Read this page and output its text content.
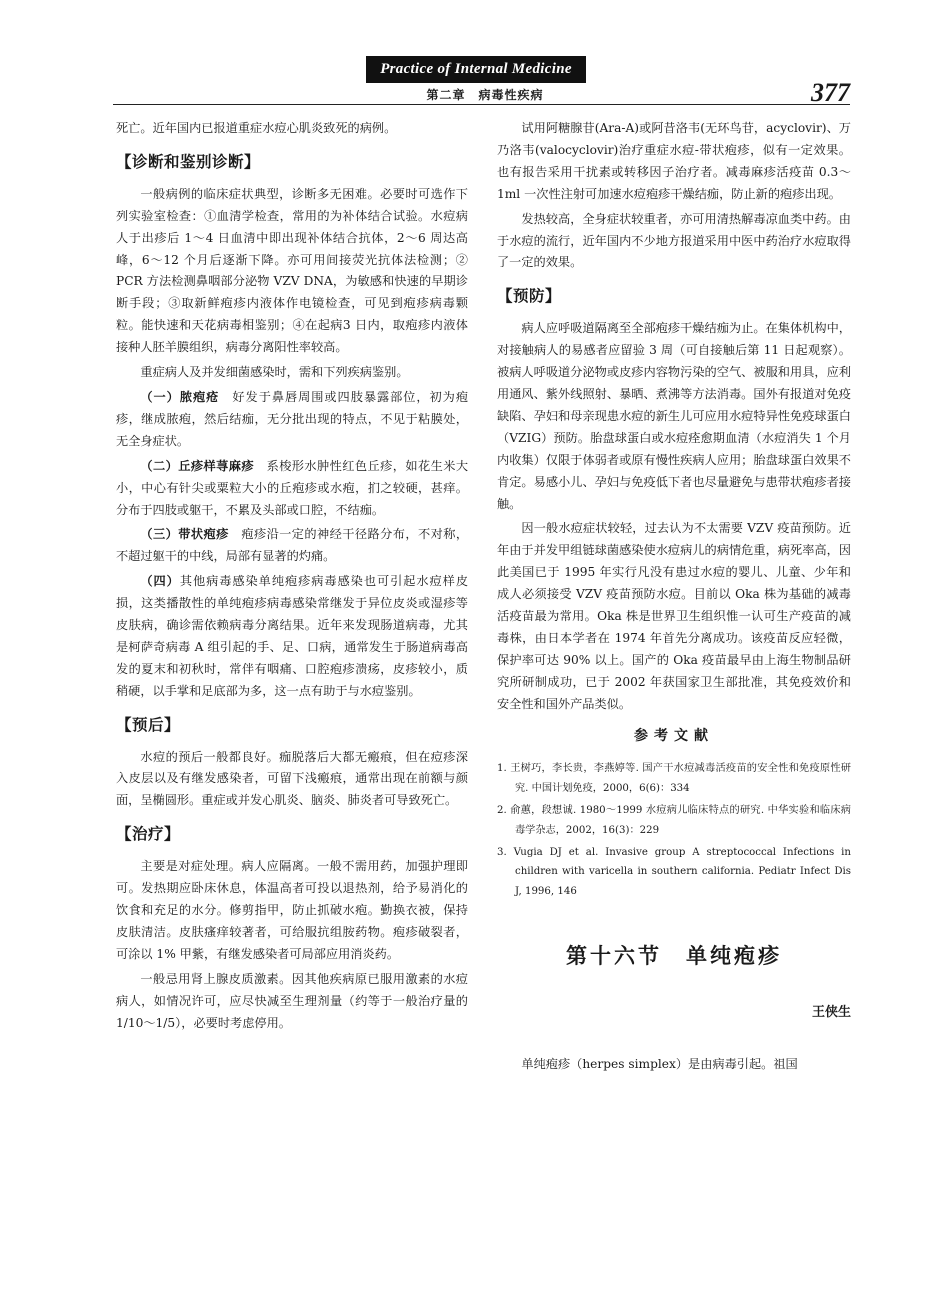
Practice of Internal Medicine
第二章　病毒性疾病	377

死亡。近年国内已报道重症水痘心肌炎致死的病例。

【诊断和鉴别诊断】

一般病例的临床症状典型，诊断多无困难。必要时可选作下列实验室检查：①血清学检查，常用的为补体结合试验。水痘病人于出疹后 1～4 日血清中即出现补体结合抗体，2～6 周达高峰，6～12 个月后逐渐下降。亦可用间接荧光抗体法检测；② PCR 方法检测鼻咽部分泌物 VZV DNA，为敏感和快速的早期诊断手段；③取新鲜疱疹内液体作电镜检查，可见到疱疹病毒颗粒。能快速和天花病毒相鉴别；④在起病3 日内，取疱疹内液体接种人胚羊膜组织，病毒分离阳性率较高。

重症病人及并发细菌感染时，需和下列疾病鉴别。

（一）脓疱疮　 好发于鼻唇周围或四肢暴露部位，初为疱疹，继成脓疱，然后结痂，无分批出现的特点，不见于粘膜处，无全身症状。

（二）丘疹样荨麻疹　 系梭形水肿性红色丘疹，如花生米大小，中心有针尖或粟粒大小的丘疱疹或水疱，扪之较硬，甚痒。分布于四肢或躯干，不累及头部或口腔，不结痂。

（三）带状疱疹　 疱疹沿一定的神经干径路分布，不对称，不超过躯干的中线，局部有显著的灼痛。

（四）其他病毒感染单纯疱疹病毒感染也可引起水痘样皮损，这类播散性的单纯疱疹病毒感染常继发于异位皮炎或湿疹等皮肤病，确诊需依赖病毒分离结果。近年来发现肠道病毒，尤其是柯萨奇病毒 A 组引起的手、足、口病，通常发生于肠道病毒高发的夏末和初秋时，常伴有咽痛、口腔疱疹溃疡，皮疹较小，质稍硬，以手掌和足底部为多，这一点有助于与水痘鉴别。

【预后】

水痘的预后一般都良好。痂脱落后大都无瘢痕，但在痘疹深入皮层以及有继发感染者，可留下浅瘢痕，通常出现在前额与颜面，呈椭圆形。重症或并发心肌炎、脑炎、肺炎者可导致死亡。

【治疗】

主要是对症处理。病人应隔离。一般不需用药，加强护理即可。发热期应卧床休息，体温高者可投以退热剂，给予易消化的饮食和充足的水分。修剪指甲，防止抓破水疱。勤换衣被，保持皮肤清洁。皮肤瘙痒较著者，可给服抗组胺药物。疱疹破裂者，可涂以 1% 甲紫，有继发感染者可局部应用消炎药。

一般忌用肾上腺皮质激素。因其他疾病原已服用激素的水痘病人，如情况许可，应尽快减至生理剂量（约等于一般治疗量的 1/10～1/5），必要时考虑停用。

试用阿糖腺苷(Ara-A)或阿昔洛韦(无环鸟苷，acyclovir)、万乃洛韦(valocyclovir)治疗重症水痘-带状疱疹，似有一定效果。也有报告采用干扰素或转移因子治疗者。减毒麻疹活疫苗 0.3～1ml 一次性注射可加速水痘疱疹干燥结痂，防止新的疱疹出现。

发热较高，全身症状较重者，亦可用清热解毒凉血类中药。由于水痘的流行，近年国内不少地方报道采用中医中药治疗水痘取得了一定的效果。

【预防】

病人应呼吸道隔离至全部疱疹干燥结痂为止。在集体机构中，对接触病人的易感者应留验 3 周（可自接触后第 11 日起观察）。被病人呼吸道分泌物或皮疹内容物污染的空气、被服和用具，应利用通风、紫外线照射、暴晒、煮沸等方法消毒。国外有报道对免疫缺陷、孕妇和母亲现患水痘的新生儿可应用水痘特异性免疫球蛋白（VZIG）预防。胎盘球蛋白或水痘痊愈期血清（水痘消失 1 个月内收集）仅限于体弱者或原有慢性疾病人应用；胎盘球蛋白效果不肯定。易感小儿、孕妇与免疫低下者也尽量避免与患带状疱疹者接触。

因一般水痘症状较轻，过去认为不太需要 VZV 疫苗预防。近年由于并发甲组链球菌感染使水痘病儿的病情危重，病死率高，因此美国已于 1995 年实行凡没有患过水痘的婴儿、儿童、少年和成人必须接受 VZV 疫苗预防水痘。目前以 Oka 株为基础的减毒活疫苗最为常用。Oka 株是世界卫生组织惟一认可生产疫苗的减毒株，由日本学者在 1974 年首先分离成功。该疫苗反应轻微，保护率可达 90% 以上。国产的 Oka 疫苗最早由上海生物制品研究所研制成功，已于 2002 年获国家卫生部批准，其免疫效价和安全性和国外产品类似。

参考文献
1. 王树巧，李长贵，李燕婷等. 国产干水痘减毒活疫苗的安全性和免疫原性研究. 中国计划免疫，2000，6(6)：334
2. 俞蕙，段想诚. 1980～1999 水痘病儿临床特点的研究. 中华实验和临床病毒学杂志，2002，16(3)：229
3. Vugia DJ et al. Invasive group A streptococcal Infections in children with varicella in southern california. Pediatr Infect Dis J, 1996, 146
第十六节　单纯疱疹
王侠生

单纯疱疹（herpes simplex）是由病毒引起。祖国
